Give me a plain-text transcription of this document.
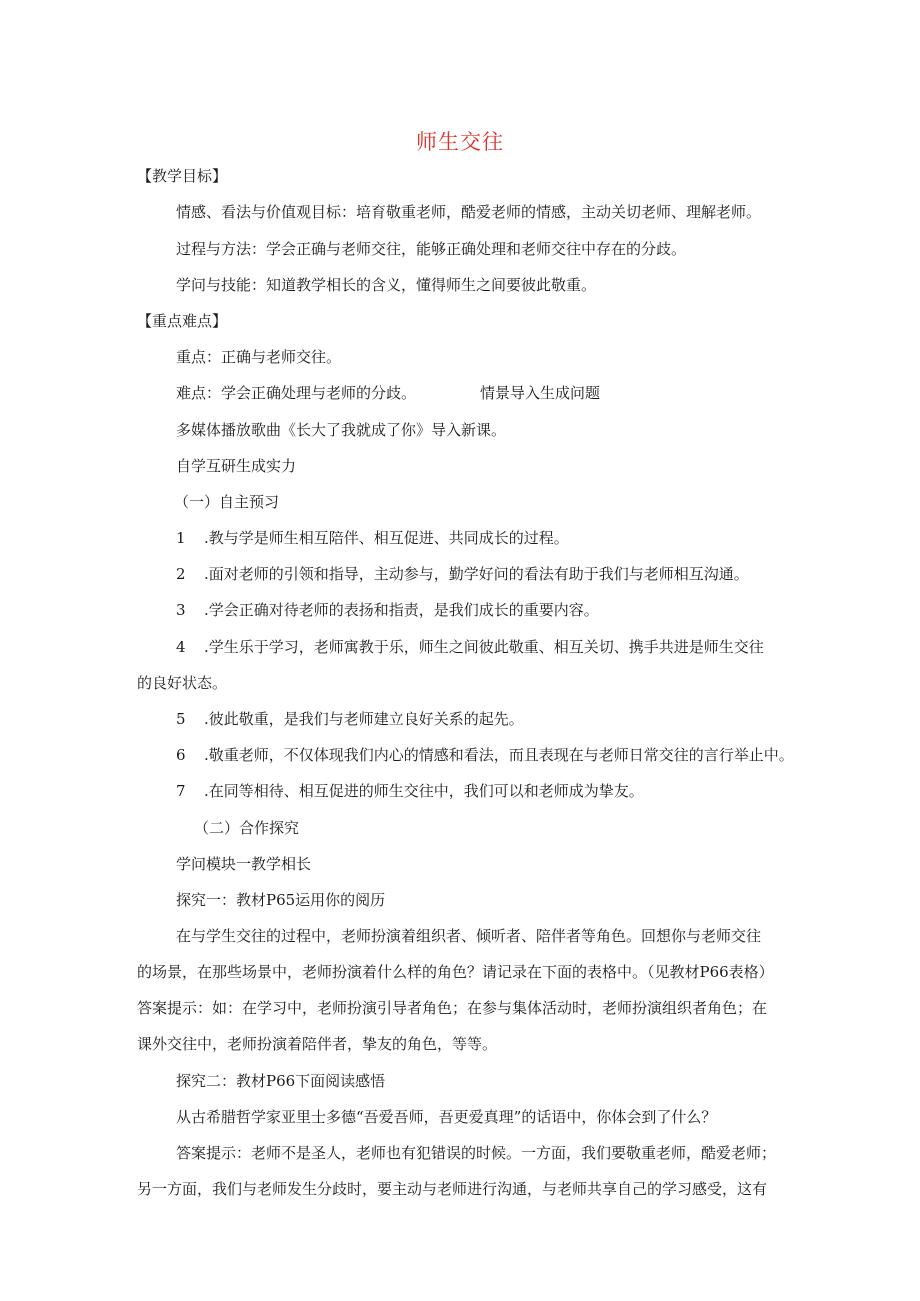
师生交往
【教学目标】
情感、看法与价值观目标：培育敬重老师，酷爱老师的情感，主动关切老师、理解老师。
过程与方法：学会正确与老师交往，能够正确处理和老师交往中存在的分歧。
学问与技能：知道教学相长的含义，懂得师生之间要彼此敬重。
【重点难点】
重点：正确与老师交往。
难点：学会正确处理与老师的分歧。	情景导入生成问题
多媒体播放歌曲《长大了我就成了你》导入新课。
自学互研生成实力
（一）自主预习
1 .教与学是师生相互陪伴、相互促进、共同成长的过程。
2 .面对老师的引领和指导，主动参与，勤学好问的看法有助于我们与老师相互沟通。
3 .学会正确对待老师的表扬和指责，是我们成长的重要内容。
4 .学生乐于学习，老师寓教于乐，师生之间彼此敬重、相互关切、携手共进是师生交往
的良好状态。
5 .彼此敬重，是我们与老师建立良好关系的起先。
6 .敬重老师，不仅体现我们内心的情感和看法，而且表现在与老师日常交往的言行举止中。
7 .在同等相待、相互促进的师生交往中，我们可以和老师成为挚友。
（二）合作探究
学问模块一教学相长
探究一：教材P65运用你的阅历
在与学生交往的过程中，老师扮演着组织者、倾听者、陪伴者等角色。回想你与老师交往
的场景，在那些场景中，老师扮演着什么样的角色？请记录在下面的表格中。（见教材P66表格）
答案提示：如：在学习中，老师扮演引导者角色；在参与集体活动时，老师扮演组织者角色；在
课外交往中，老师扮演着陪伴者，挚友的角色，等等。
探究二：教材P66下面阅读感悟
从古希腊哲学家亚里士多德“吾爱吾师，吾更爱真理”的话语中，你体会到了什么？
答案提示：老师不是圣人，老师也有犯错误的时候。一方面，我们要敬重老师，酷爱老师；
另一方面，我们与老师发生分歧时，要主动与老师进行沟通，与老师共享自己的学习感受，这有
